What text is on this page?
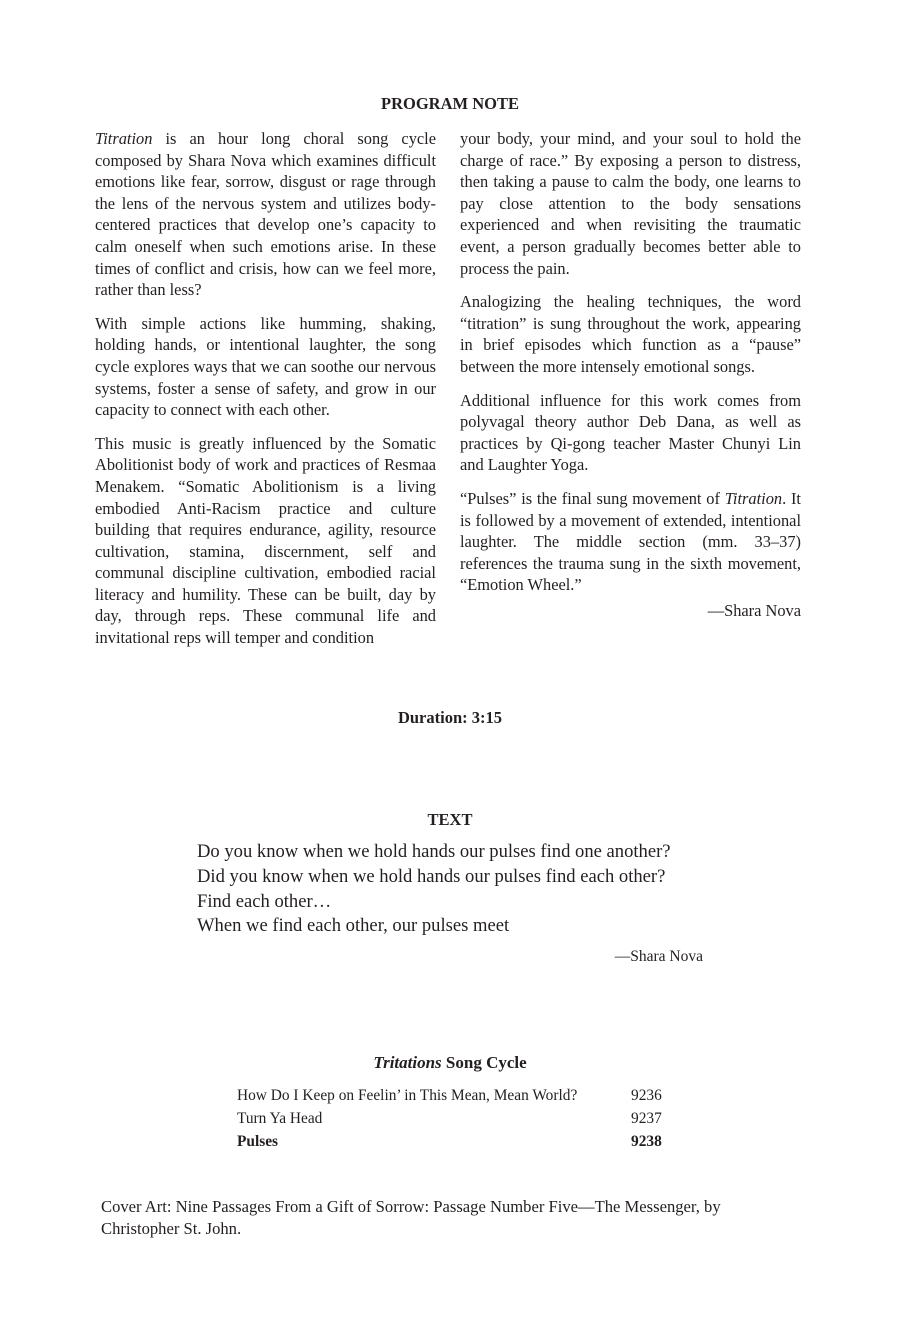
PROGRAM NOTE

Titration is an hour long choral song cycle composed by Shara Nova which examines difficult emotions like fear, sorrow, disgust or rage through the lens of the nervous system and utilizes body-centered practices that develop one’s capacity to calm oneself when such emotions arise. In these times of conflict and crisis, how can we feel more, rather than less?

With simple actions like humming, shaking, holding hands, or intentional laughter, the song cycle explores ways that we can soothe our nervous systems, foster a sense of safety, and grow in our capacity to connect with each other.

This music is greatly influenced by the Somatic Abolitionist body of work and practices of Resmaa Menakem. “Somatic Abolitionism is a living embodied Anti-Racism practice and culture building that requires endurance, agility, resource cultivation, stamina, discernment, self and communal discipline cultivation, embodied racial literacy and humility. These can be built, day by day, through reps. These communal life and invitational reps will temper and condition

your body, your mind, and your soul to hold the charge of race.” By exposing a person to distress, then taking a pause to calm the body, one learns to pay close attention to the body sensations experienced and when revisiting the traumatic event, a person gradually becomes better able to process the pain.

Analogizing the healing techniques, the word “titration” is sung throughout the work, appearing in brief episodes which function as a “pause” between the more intensely emotional songs.

Additional influence for this work comes from polyvagal theory author Deb Dana, as well as practices by Qi-gong teacher Master Chunyi Lin and Laughter Yoga.

“Pulses” is the final sung movement of Titration. It is followed by a movement of extended, intentional laughter. The middle section (mm. 33–37) references the trauma sung in the sixth movement, “Emotion Wheel.”

—Shara Nova

Duration: 3:15
TEXT
Do you know when we hold hands our pulses find one another?
Did you know when we hold hands our pulses find each other?
Find each other…
When we find each other, our pulses meet
—Shara Nova
Tritations Song Cycle
How Do I Keep on Feelin’ in This Mean, Mean World?	9236
Turn Ya Head	9237
Pulses	9238
Cover Art: Nine Passages From a Gift of Sorrow: Passage Number Five—The Messenger, by Christopher St. John.
